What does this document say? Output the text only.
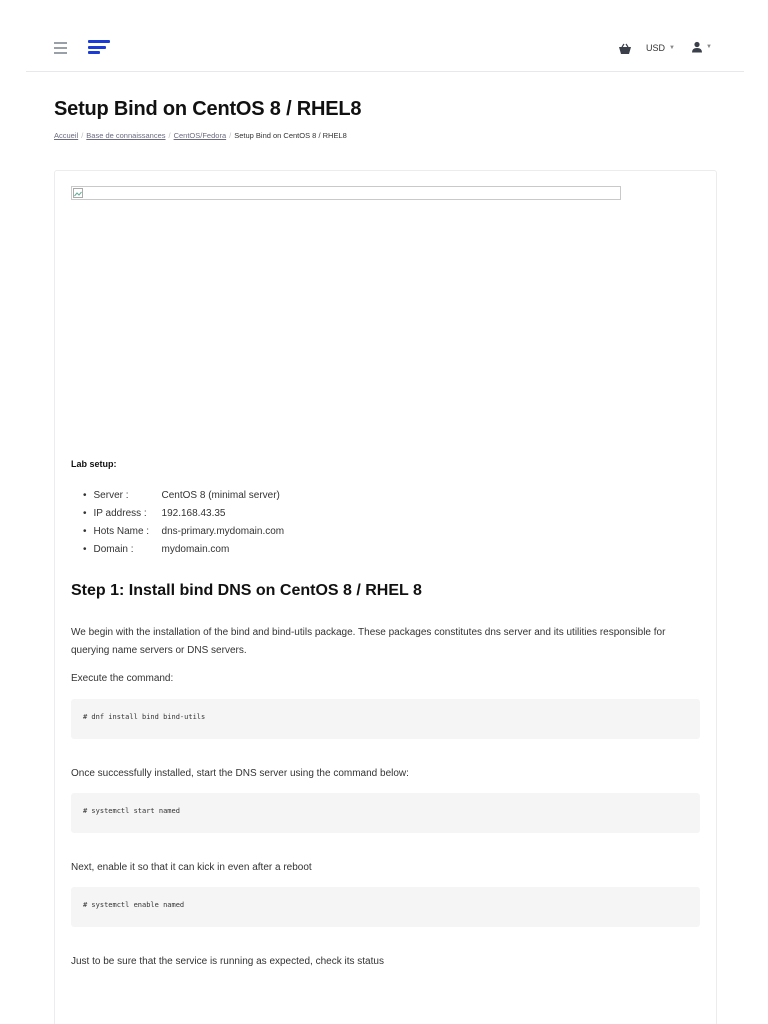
USD ▼	▼
Setup Bind on CentOS 8 / RHEL8
Accueil / Base de connaissances / CentOS/Fedora / Setup Bind on CentOS 8 / RHEL8
Lab setup:
• Server :	CentOS 8 (minimal server)
• IP address :	192.168.43.35
• Hots Name :	dns-primary.mydomain.com
• Domain :	mydomain.com
Step 1: Install bind DNS on CentOS 8 / RHEL 8

We begin with the installation of the bind and bind-utils package. These packages constitutes dns server and its utilities responsible for querying name servers or DNS servers.

Execute the command:

# dnf install bind bind-utils

Once successfully installed, start the DNS server using the command below:

# systemctl start named

Next, enable it so that it can kick in even after a reboot

# systemctl enable named

Just to be sure that the service is running as expected, check its status
